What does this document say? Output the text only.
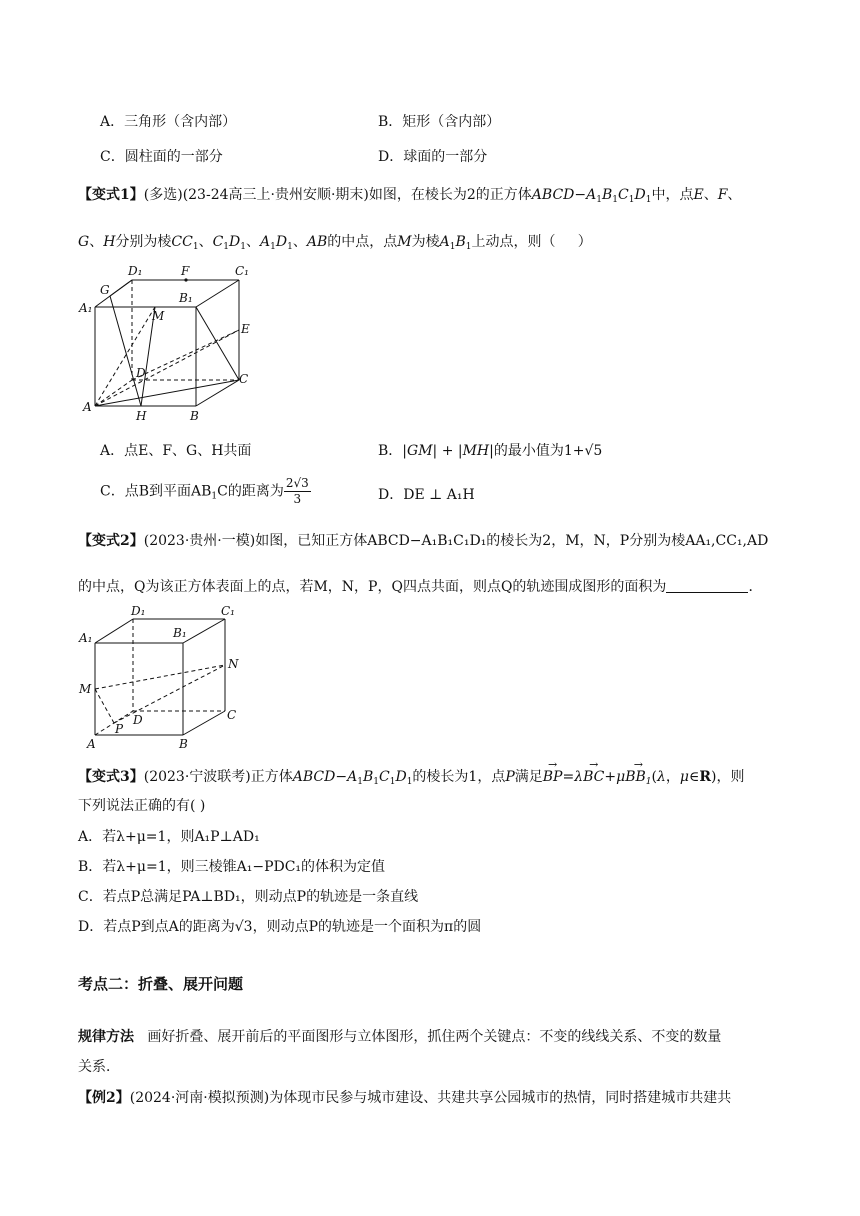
A．三角形（含内部）	B．矩形（含内部）
C．圆柱面的一部分	D．球面的一部分
【变式1】(多选)(23-24高三上·贵州安顺·期末)如图，在棱长为2的正方体$ABCD-A_1B_1C_1D_1$中，点E、F、
G、H分别为棱$CC_1$、$C_1D_1$、$A_1D_1$、AB的中点，点M为棱$A_1B_1$上动点，则（     ）
D₁	F	C₁
G
A₁
B₁
M
E
D	C
A
H	B
A．点E、F、G、H共面	B．|GM| + |MH|的最小值为1+√5
C．点B到平面$AB_1C$的距离为 $\frac{2√3}{3}$	D．DE ⊥ A₁H
【变式2】(2023·贵州·一模)如图，已知正方体ABCD−A₁B₁C₁D₁的棱长为2，M，N，P分别为棱AA₁,CC₁,AD
的中点，Q为该正方体表面上的点，若M，N，P，Q四点共面，则点Q的轨迹围成图形的面积为	．
D₁	C₁
A₁	B₁
N
M
D	C
P
A	B
【变式3】(2023·宁波联考)正方体$ABCD-A_1B_1C_1D_1$的棱长为1，点P满足→ $BP=\lambda\to BC+\mu\to BB_1(\lambda$，μ∈R)，则
下列说法正确的有( )
A．若λ+μ=1，则A₁P⊥AD₁
B．若λ+μ=1，则三棱锥A₁−PDC₁的体积为定值
C．若点P总满足PA⊥BD₁，则动点P的轨迹是一条直线
D．若点P到点A的距离为√3，则动点P的轨迹是一个面积为π的圆
考点二：折叠、展开问题
规律方法 画好折叠、展开前后的平面图形与立体图形，抓住两个关键点：不变的线线关系、不变的数量
关系．
【例2】(2024·河南·模拟预测)为体现市民参与城市建设、共建共享公园城市的热情，同时搭建城市共建共
